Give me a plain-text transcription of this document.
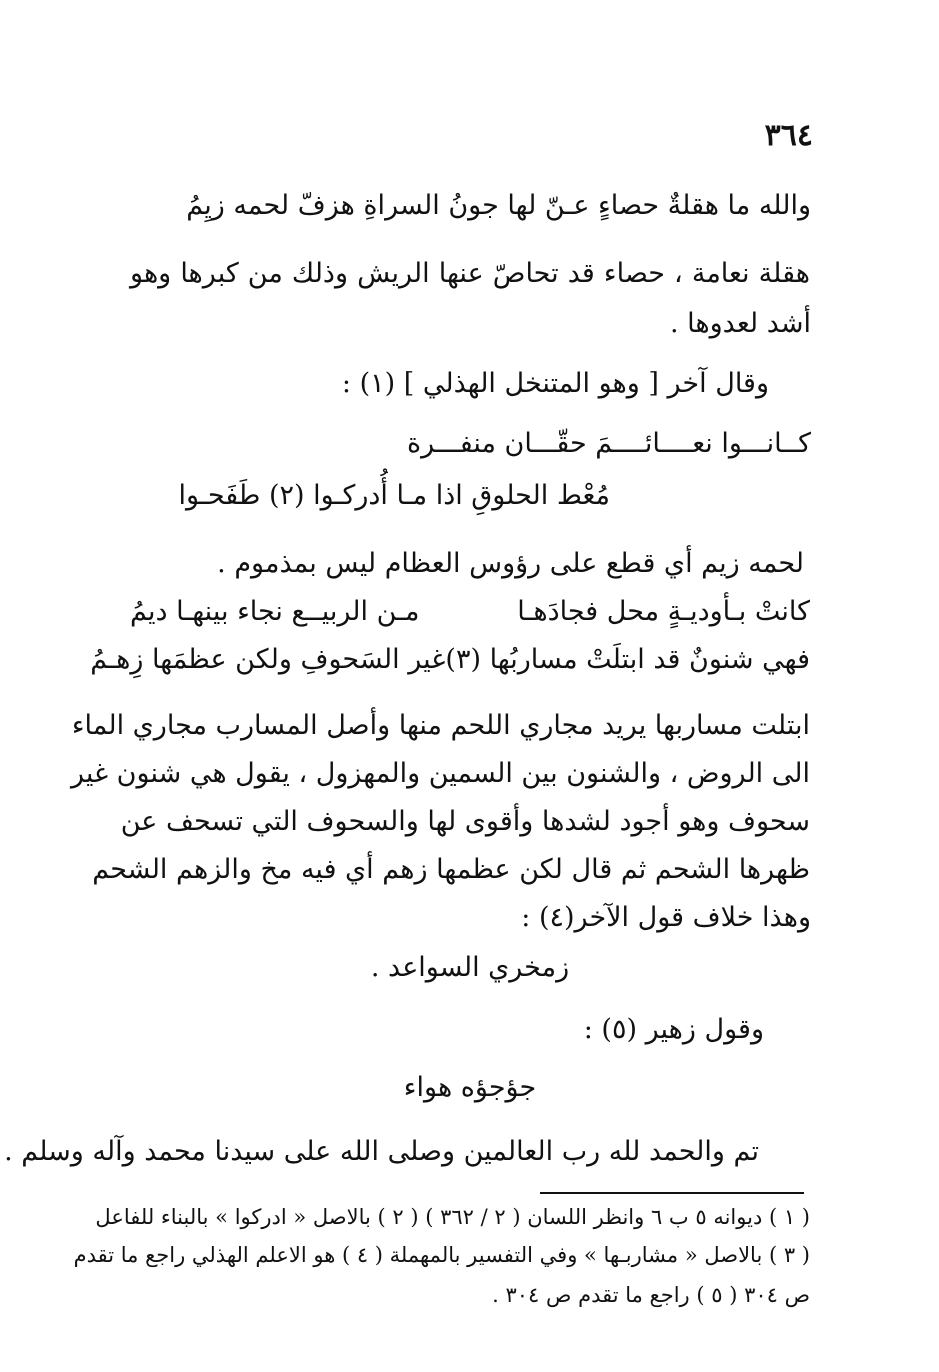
٣٦٤
والله ما هقلةٌ حصاءٍ عـنّ لها جونُ السراةِ هزفّ لحمه زيِمُ
هقلة نعامة ، حصاء قد تحاصّ عنها الريش وذلك من كبرها وهو
أشد لعدوها .
وقال آخر [ وهو المتنخل الهذلي ] (١) :
كــانـــوا نعــــائــــمَ حقّـــان منفـــرة
مُعْط الحلوقِ اذا مـا أُدركـوا (٢) طَفَحـوا
لحمه زيم أي قطع على رؤوس العظام ليس بمذموم .
كانتْ بـأوديـةٍ محل فجادَهـا
مـن الربيــع نجاء بينهـا ديمُ
فهي شنونٌ قد ابتلَتْ مساربُها (٣)
غير السَحوفِ ولكن عظمَها زِهـمُ
ابتلت مساربها يريد مجاري اللحم منها وأصل المسارب مجاري الماء
الى الروض ، والشنون بين السمين والمهزول ، يقول هي شنون غير
سحوف وهو أجود لشدها وأقوى لها والسحوف التي تسحف عن
ظهرها الشحم ثم قال لكن عظمها زهم أي فيه مخ والزهم الشحم
وهذا خلاف قول الآخر(٤) :
زمخري السواعد .
وقول زهير (٥) :
جؤجؤه هواء
تم والحمد لله رب العالمين وصلى الله على سيدنا محمد وآله وسلم .
( ١ ) ديوانه ٥ ب ٦ وانظر اللسان ( ٢ / ٣٦٢ ) ( ٢ ) بالاصل « ادركوا » بالبناء للفاعل
( ٣ ) بالاصل « مشاربـها » وفي التفسير بالمهملة ( ٤ ) هو الاعلم الهذلي راجع ما تقدم
ص ٣٠٤ ( ٥ ) راجع ما تقدم ص ٣٠٤ .
